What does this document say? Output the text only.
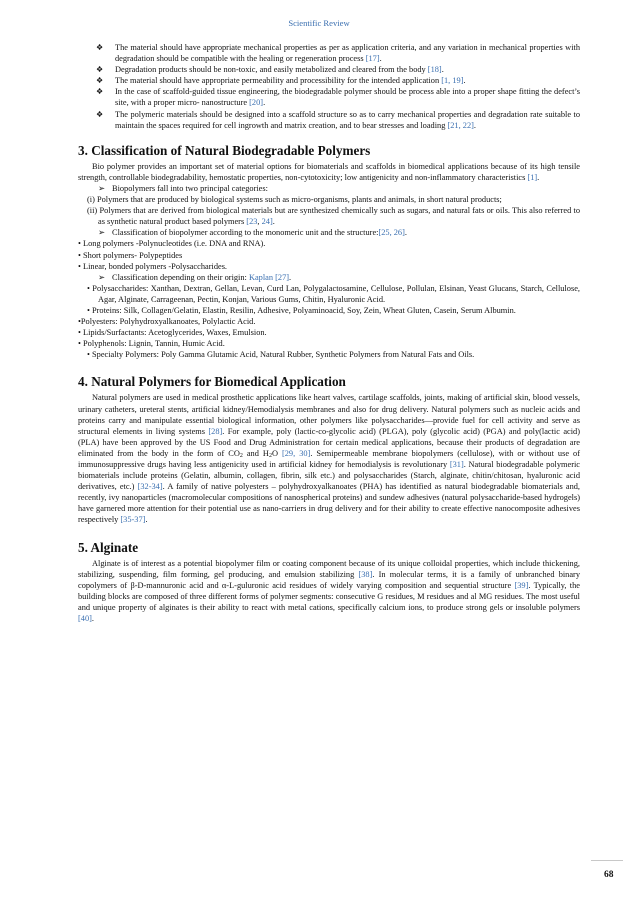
Scientific Review
❖ The material should have appropriate mechanical properties as per as application criteria, and any variation in mechanical properties with degradation should be compatible with the healing or regeneration process [17].
❖ Degradation products should be non-toxic, and easily metabolized and cleared from the body [18].
❖ The material should have appropriate permeability and processibility for the intended application [1, 19].
❖ In the case of scaffold-guided tissue engineering, the biodegradable polymer should be process able into a proper shape fitting the defect’s site, with a proper micro- nanostructure [20].
❖ The polymeric materials should be designed into a scaffold structure so as to carry mechanical properties and degradation rate suitable to maintain the spaces required for cell ingrowth and matrix creation, and to bear stresses and loading [21, 22].
3. Classification of Natural Biodegradable Polymers

Bio polymer provides an important set of material options for biomaterials and scaffolds in biomedical applications because of its high tensile strength, controllable biodegradability, hemostatic properties, non-cytotoxicity; low antigenicity and non-inflammatory characteristics [1].

➢ Biopolymers fall into two principal categories:
(i) Polymers that are produced by biological systems such as micro-organisms, plants and animals, in short natural products;
(ii) Polymers that are derived from biological materials but are synthesized chemically such as sugars, and natural fats or oils. This also referred to as synthetic natural product based polymers [23, 24].
➢ Classification of biopolymer according to the monomeric unit and the structure:[25, 26].
• Long polymers -Polynucleotides (i.e. DNA and RNA).
• Short polymers- Polypeptides
• Linear, bonded polymers -Polysaccharides.
➢ Classification depending on their origin: Kaplan [27].
• Polysaccharides: Xanthan, Dextran, Gellan, Levan, Curd Lan, Polygalactosamine, Cellulose, Pollulan, Elsinan, Yeast Glucans, Starch, Cellulose, Agar, Alginate, Carrageenan, Pectin, Konjan, Various Gums, Chitin, Hyaluronic Acid.
• Proteins: Silk, Collagen/Gelatin, Elastin, Resilin, Adhesive, Polyaminoacid, Soy, Zein, Wheat Gluten, Casein, Serum Albumin.
•Polyesters: Polyhydroxyalkanoates, Polylactic Acid.
• Lipids/Surfactants: Acetoglycerides, Waxes, Emulsion.
• Polyphenols: Lignin, Tannin, Humic Acid.
• Specialty Polymers: Poly Gamma Glutamic Acid, Natural Rubber, Synthetic Polymers from Natural Fats and Oils.
4. Natural Polymers for Biomedical Application

Natural polymers are used in medical prosthetic applications like heart valves, cartilage scaffolds, joints, making of artificial skin, blood vessels, urinary catheters, ureteral stents, artificial kidney/Hemodialysis membranes and also for drug delivery. Natural polymers such as nucleic acids and proteins carry and manipulate essential biological information, other polymers like polysaccharides—provide fuel for cell activity and serve as structural elements in living systems [28]. For example, poly (lactic-co-glycolic acid) (PLGA), poly (glycolic acid) (PGA) and poly(lactic acid) (PLA) have been approved by the US Food and Drug Administration for certain medical applications, because their products of degradation are eliminated from the body in the form of $CO_2$ and $H_2O$ [29, 30]. Semipermeable membrane biopolymers (cellulose), with or without use of immunosuppressive drugs having less antigenicity used in artificial kidney for hemodialysis is revolutionary [31]. Natural biodegradable polymeric biomaterials include proteins (Gelatin, albumin, collagen, fibrin, silk etc.) and polysaccharides (Starch, alginate, chitin/chitosan, hyaluronic acid derivatives, etc.) [32-34]. A family of native polyesters – polyhydroxyalkanoates (PHA) has identified as natural biodegradable biomaterials and, recently, ivy nanoparticles (macromolecular compositions of nanospherical proteins) and sundew adhesives (natural polysaccharide-based hydrogels) have garnered more attention for their potential use as nano-carriers in drug delivery and for their ability to create effective nanocomposite adhesives respectively [35-37].

5. Alginate

Alginate is of interest as a potential biopolymer film or coating component because of its unique colloidal properties, which include thickening, stabilizing, suspending, film forming, gel producing, and emulsion stabilizing [38]. In molecular terms, it is a family of unbranched binary copolymers of β-D-mannuronic acid and α-L-guluronic acid residues of widely varying composition and sequential structure [39]. Typically, the building blocks are composed of three different forms of polymer segments: consecutive G residues, M residues and al MG residues. The most useful and unique property of alginates is their ability to react with metal cations, specifically calcium ions, to produce strong gels or insoluble polymers [40].

68
